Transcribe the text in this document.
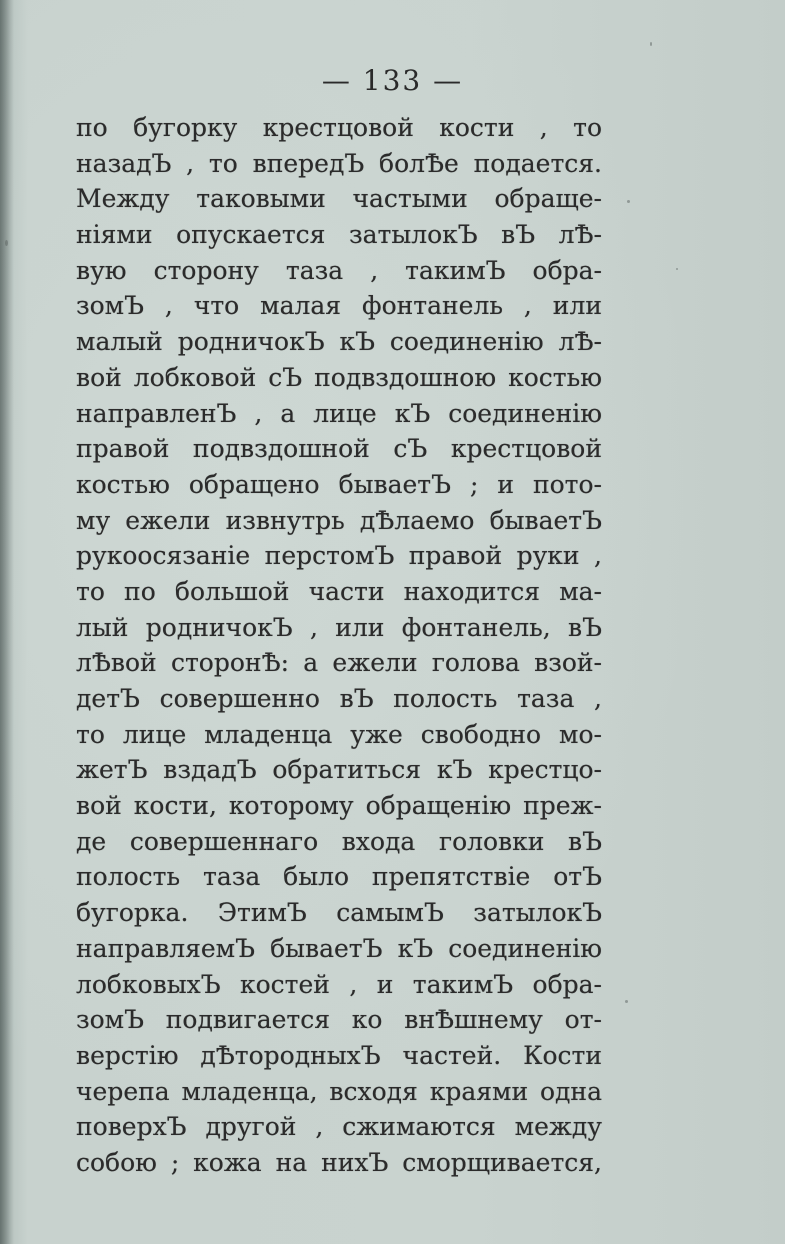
— 133 —
по бугорку крестцовой кости , то
назадЪ , то впередЪ болѢе подается.
Между таковыми частыми обраще-
нiями опускается затылокЪ вЪ лѢ-
вую сторону таза , такимЪ обра-
зомЪ , что малая фонтанель , или
малый родничокЪ кЪ соединенiю лѢ-
вой лобковой сЪ подвздошною костью
направленЪ , а лице кЪ соединенiю
правой подвздошной сЪ крестцовой
костью обращено бываетЪ ; и пото-
му ежели извнутрь дѢлаемо бываетЪ
рукоосязанiе перстомЪ правой руки ,
то по большой части находится ма-
лый родничокЪ , или фонтанель, вЪ
лѢвой сторонѢ: а ежели голова взой-
детЪ совершенно вЪ полость таза ,
то лице младенца уже свободно мо-
жетЪ вздадЪ обратиться кЪ крестцо-
вой кости, которому обращенiю преж-
де совершеннаго входа головки вЪ
полость таза было препятствiе отЪ
бугорка. ЭтимЪ самымЪ затылокЪ
направляемЪ бываетЪ кЪ соединенiю
лобковыхЪ костей , и такимЪ обра-
зомЪ подвигается ко внѢшнему от-
верстiю дѢтородныхЪ частей. Кости
черепа младенца, всходя краями одна
поверхЪ другой , сжимаются между
собою ; кожа на нихЪ сморщивается,
